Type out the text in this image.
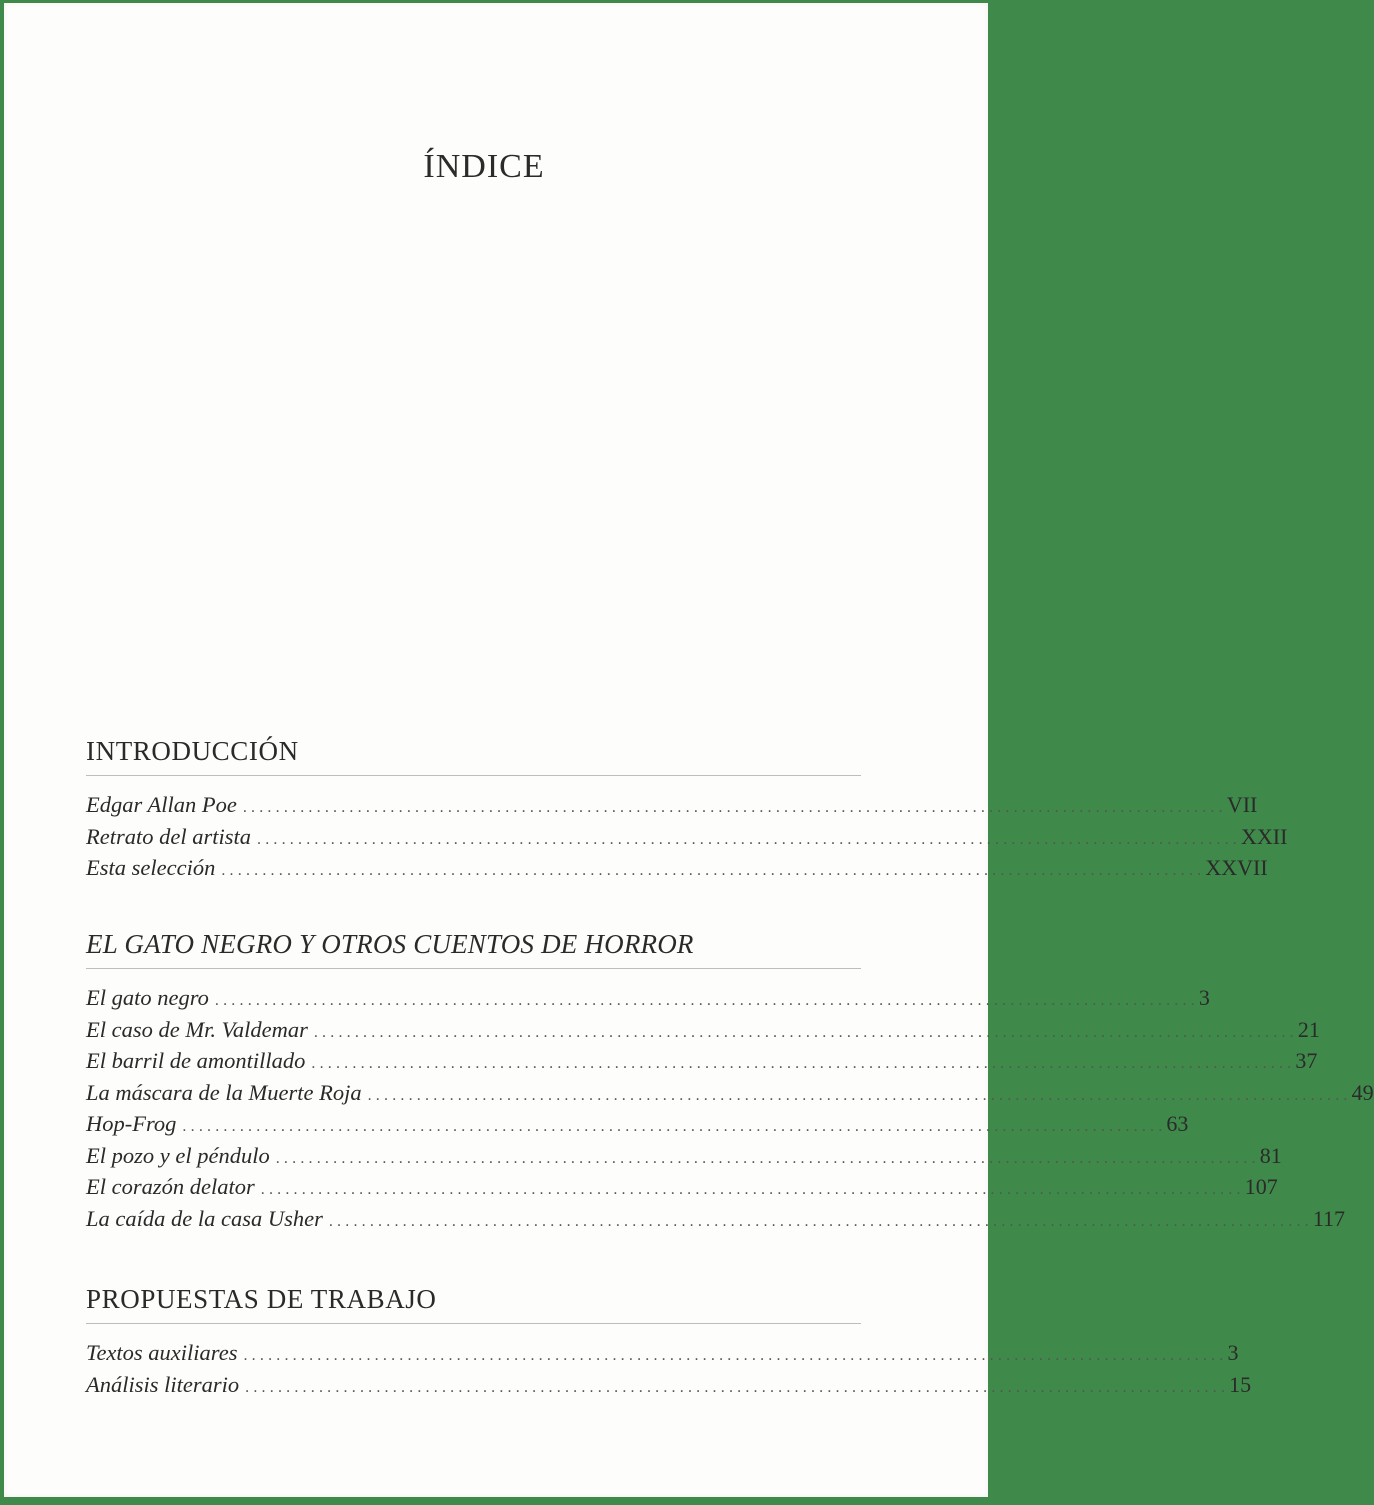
ÍNDICE
INTRODUCCIÓN
Edgar Allan Poe ........................................................................................................................ VII
Retrato del artista ........................................................................................................................ XXII
Esta selección ........................................................................................................................ XXVII
EL GATO NEGRO Y OTROS CUENTOS DE HORROR
El gato negro ........................................................................................................................ 3
El caso de Mr. Valdemar ........................................................................................................................ 21
El barril de amontillado ........................................................................................................................ 37
La máscara de la Muerte Roja ........................................................................................................................ 49
Hop-Frog ........................................................................................................................ 63
El pozo y el péndulo ........................................................................................................................ 81
El corazón delator ........................................................................................................................ 107
La caída de la casa Usher ........................................................................................................................ 117
PROPUESTAS DE TRABAJO
Textos auxiliares ........................................................................................................................ 3
Análisis literario ........................................................................................................................ 15
